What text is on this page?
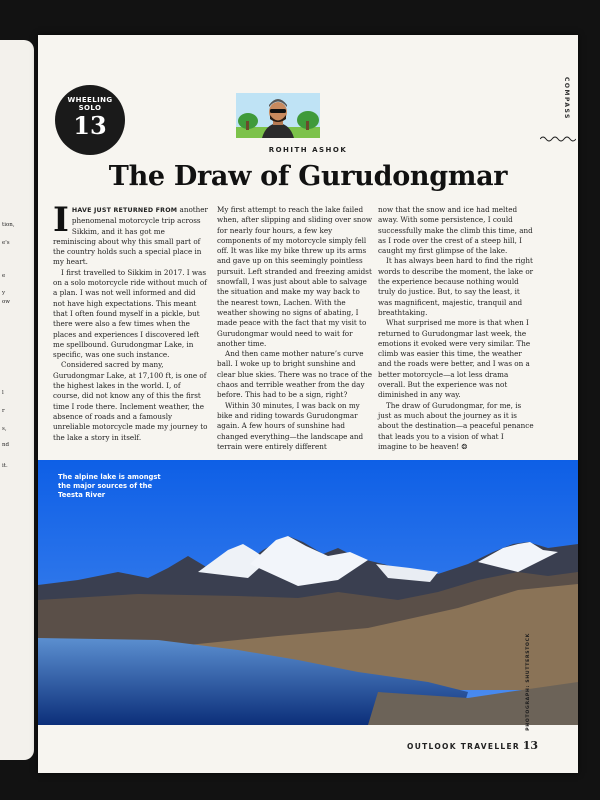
tion,
e's
e
y
ow
l
r
s,
nd
it.
WHEELING
SOLO
13
ROHITH ASHOK
COMPASS
The Draw of Gurudongmar

IHAVE JUST RETURNED FROM another phenomenal motorcycle trip across Sikkim, and it has got me reminiscing about why this small part of the country holds such a special place in my heart.

I first travelled to Sikkim in 2017. I was on a solo motorcycle ride without much of a plan. I was not well informed and did not have high expectations. This meant that I often found myself in a pickle, but there were also a few times when the places and experiences I discovered left me spellbound. Gurudongmar Lake, in specific, was one such instance.

Considered sacred by many, Gurudongmar Lake, at 17,100 ft, is one of the highest lakes in the world. I, of course, did not know any of this the first time I rode there. Inclement weather, the absence of roads and a famously unreliable motorcycle made my journey to the lake a story in itself.

My first attempt to reach the lake failed when, after slipping and sliding over snow for nearly four hours, a few key components of my motorcycle simply fell off. It was like my bike threw up its arms and gave up on this seemingly pointless pursuit. Left stranded and freezing amidst snowfall, I was just about able to salvage the situation and make my way back to the nearest town, Lachen. With the weather showing no signs of abating, I made peace with the fact that my visit to Gurudongmar would need to wait for another time.

And then came mother nature’s curve ball. I woke up to bright sunshine and clear blue skies. There was no trace of the chaos and terrible weather from the day before. This had to be a sign, right?

Within 30 minutes, I was back on my bike and riding towards Gurudongmar again. A few hours of sunshine had changed everything—the landscape and terrain were entirely different

now that the snow and ice had melted away. With some persistence, I could successfully make the climb this time, and as I rode over the crest of a steep hill, I caught my first glimpse of the lake.

It has always been hard to find the right words to describe the moment, the lake or the experience because nothing would truly do justice. But, to say the least, it was magnificent, majestic, tranquil and breathtaking.

What surprised me more is that when I returned to Gurudongmar last week, the emotions it evoked were very similar. The climb was easier this time, the weather and the roads were better, and I was on a better motorcycle—a lot less drama overall. But the experience was not diminished in any way.

The draw of Gurudongmar, for me, is just as much about the journey as it is about the destination—a peaceful penance that leads you to a vision of what I imagine to be heaven! ❂

The alpine lake is amongst the major sources of the Teesta River
PHOTOGRAPH: SHUTTERSTOCK
OUTLOOK TRAVELLER 13
